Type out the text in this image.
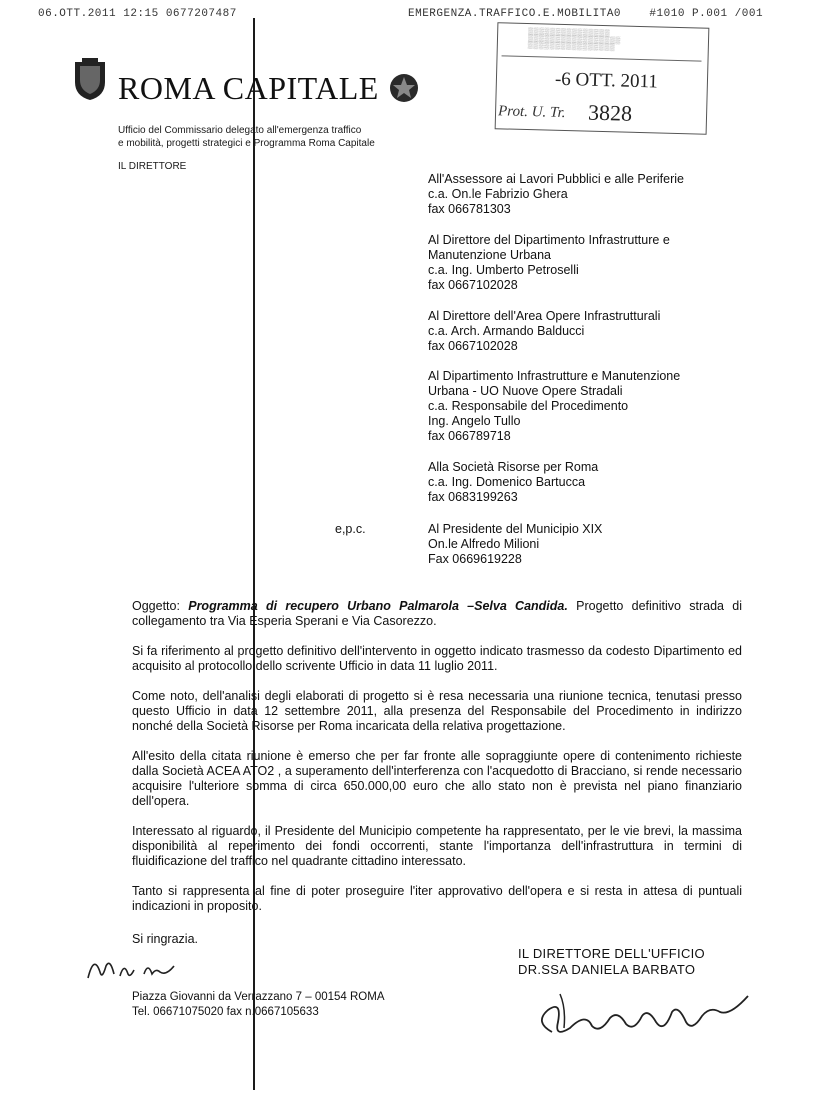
06.OTT.2011 12:15 0677207487	EMERGENZA.TRAFFICO.E.MOBILITA0    #1010 P.001 /001
▒▒▒▒▒▒▒▒▒▒▒▒▒▒▒
▒▒▒▒▒▒▒▒▒▒▒▒▒▒▒▒▒
▒▒▒▒▒▒▒▒▒▒▒▒▒▒▒▒
-6 OTT. 2011
Prot. U. Tr. 3828
ROMA CAPITALE
Ufficio del Commissario delegato all'emergenza traffico
e mobilità, progetti strategici e Programma Roma Capitale
IL DIRETTORE
All'Assessore ai Lavori Pubblici e alle Periferie
c.a. On.le Fabrizio Ghera
fax 066781303
Al Direttore del Dipartimento Infrastrutture e
Manutenzione Urbana
c.a. Ing. Umberto Petroselli
fax 0667102028
Al Direttore dell'Area Opere Infrastrutturali
c.a. Arch. Armando Balducci
fax 0667102028
Al Dipartimento Infrastrutture e Manutenzione
Urbana - UO Nuove Opere Stradali
c.a. Responsabile del Procedimento
Ing. Angelo Tullo
fax 066789718
Alla Società Risorse per Roma
c.a. Ing. Domenico Bartucca
fax 0683199263
e,p.c.	Al Presidente del Municipio XIX
On.le Alfredo Milioni
Fax 0669619228
Oggetto: Programma di recupero Urbano Palmarola –Selva Candida. Progetto definitivo strada di
collegamento tra Via Esperia Sperani e Via Casorezzo.
Si fa riferimento al progetto definitivo dell'intervento in oggetto indicato trasmesso da codesto Dipartimento ed acquisito al protocollo dello scrivente Ufficio in data 11 luglio 2011.
Come noto, dell'analisi degli elaborati di progetto si è resa necessaria una riunione tecnica, tenutasi presso questo Ufficio in data 12 settembre 2011, alla presenza del Responsabile del Procedimento in indirizzo nonché della Società Risorse per Roma incaricata della relativa progettazione.
All'esito della citata riunione è emerso che per far fronte alle sopraggiunte opere di contenimento richieste dalla Società ACEA ATO2 , a superamento dell'interferenza con l'acquedotto di Bracciano, si rende necessario acquisire l'ulteriore somma di circa 650.000,00 euro che allo stato non è prevista nel piano finanziario dell'opera.
Interessato al riguardo, il Presidente del Municipio competente ha rappresentato, per le vie brevi, la massima disponibilità al reperimento dei fondi occorrenti, stante l'importanza dell'infrastruttura in termini di fluidificazione del traffico nel quadrante cittadino interessato.
Tanto si rappresenta al fine di poter proseguire l'iter approvativo dell'opera e si resta in attesa di puntuali indicazioni in proposito.
Si ringrazia.
IL DIRETTORE DELL'UFFICIO
DR.SSA DANIELA BARBATO
Piazza Giovanni da Verrazzano 7 – 00154 ROMA
Tel. 06671075020 fax n.0667105633
